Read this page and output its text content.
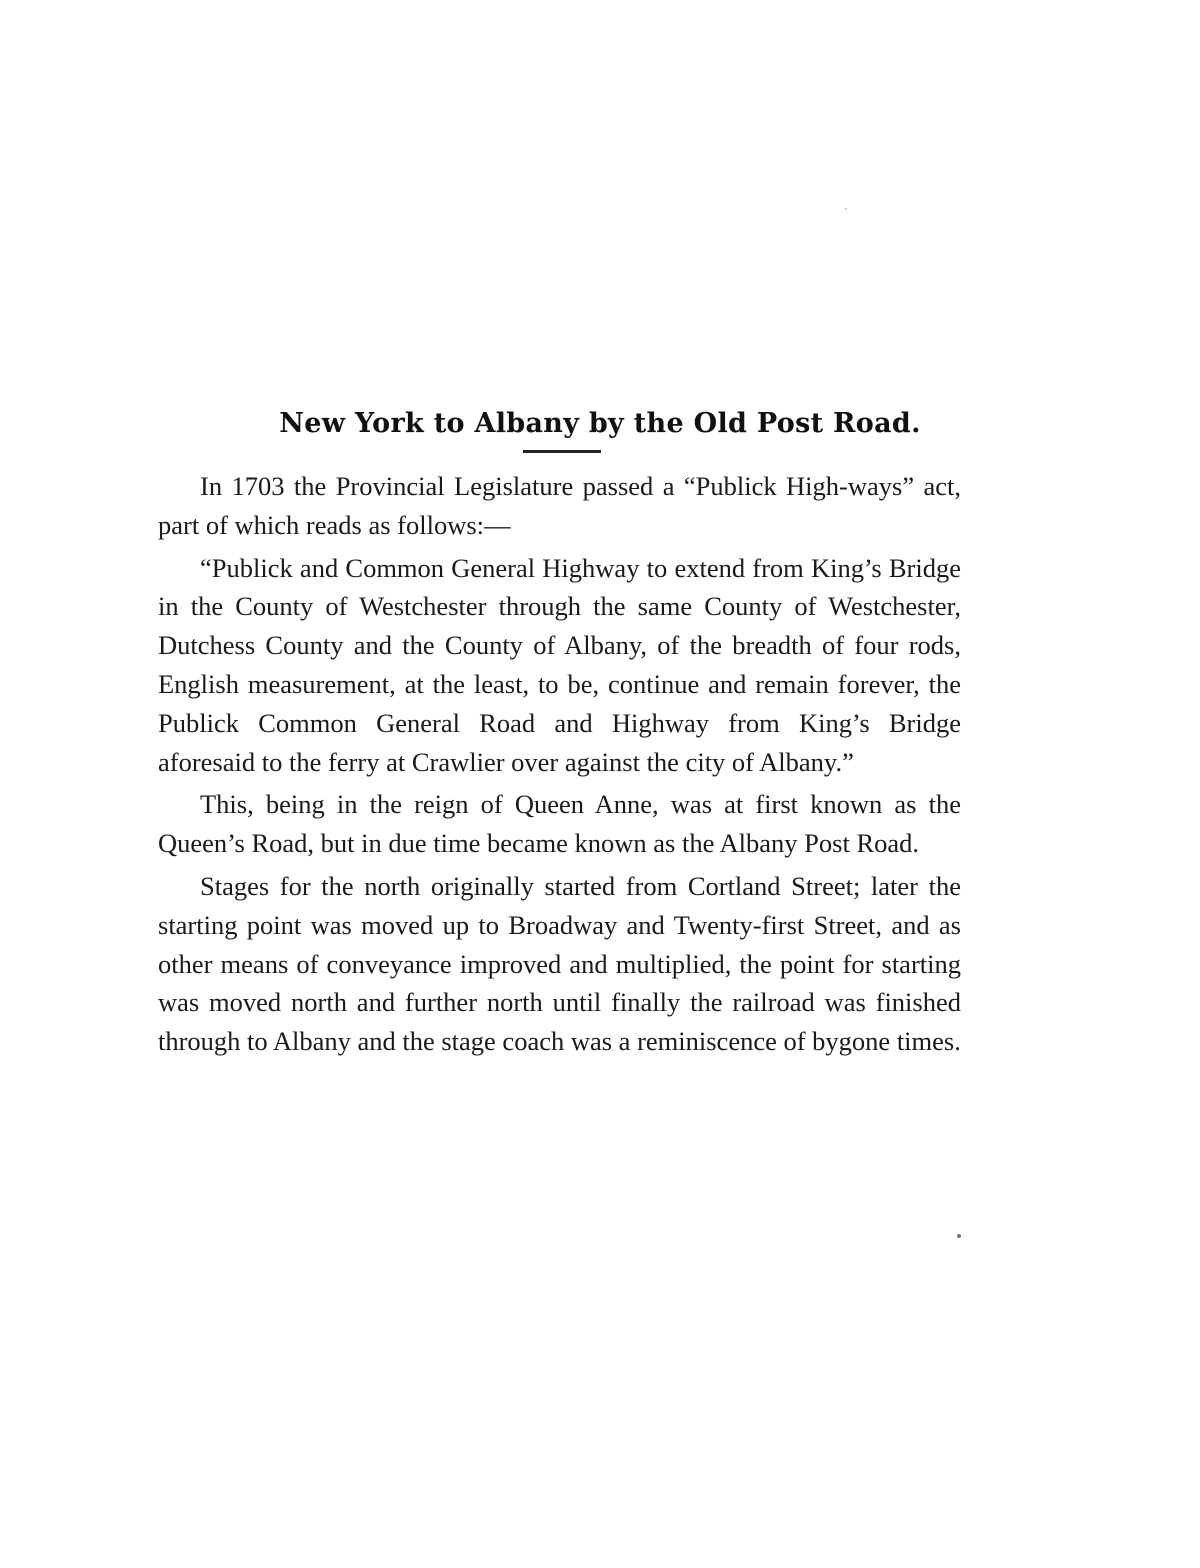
New York to Albany by the Old Post Road.

In 1703 the Provincial Legislature passed a “Publick High-ways” act, part of which reads as follows:—

“Publick and Common General Highway to extend from King’s Bridge in the County of Westchester through the same County of Westchester, Dutchess County and the County of Albany, of the breadth of four rods, English measurement, at the least, to be, continue and remain forever, the Publick Common General Road and Highway from King’s Bridge aforesaid to the ferry at Crawlier over against the city of Albany.”

This, being in the reign of Queen Anne, was at first known as the Queen’s Road, but in due time became known as the Albany Post Road.

Stages for the north originally started from Cortland Street; later the starting point was moved up to Broadway and Twenty-first Street, and as other means of conveyance improved and multiplied, the point for starting was moved north and further north until finally the railroad was finished through to Albany and the stage coach was a reminiscence of bygone times.
